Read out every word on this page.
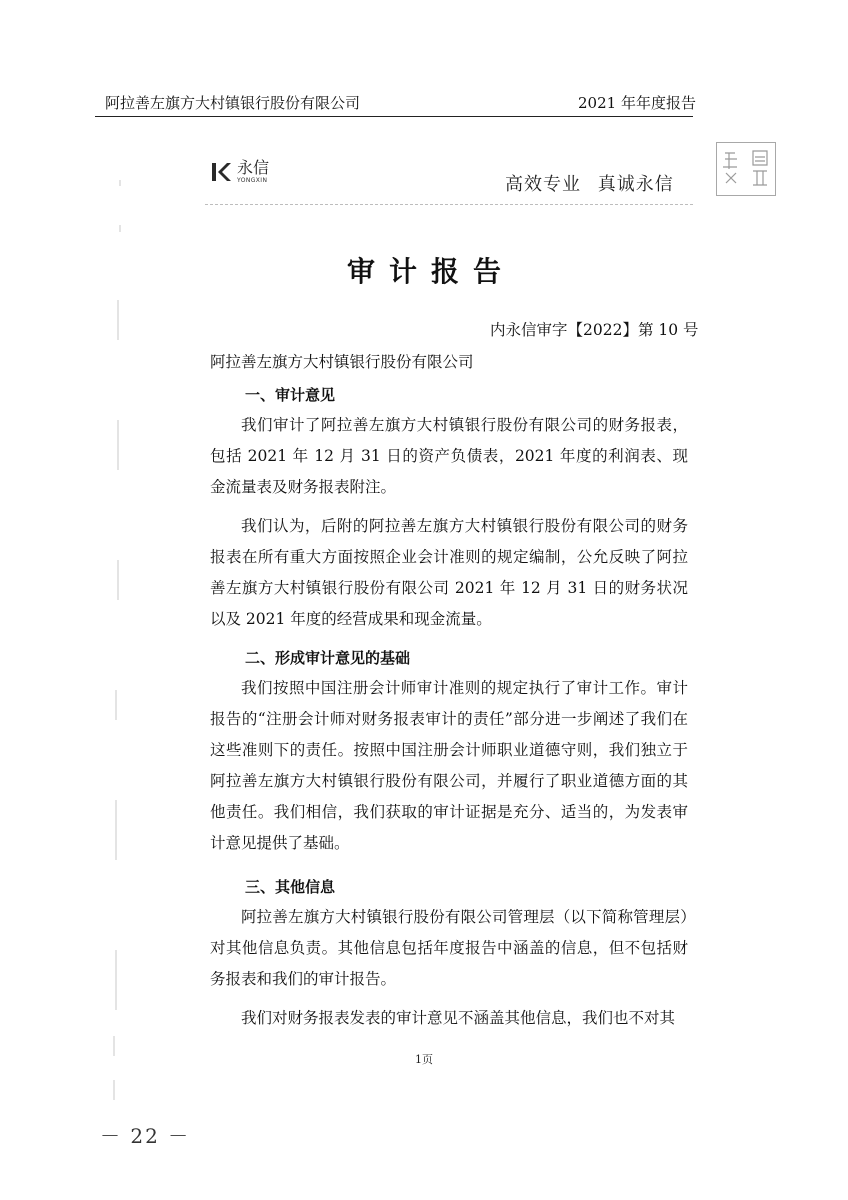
阿拉善左旗方大村镇银行股份有限公司	2021 年年度报告
永信
YONGXIN	高效专业 真诚永信
审计报告
内永信审字【2022】第 10 号
阿拉善左旗方大村镇银行股份有限公司
一、审计意见

我们审计了阿拉善左旗方大村镇银行股份有限公司的财务报表，包括 2021 年 12 月 31 日的资产负债表，2021 年度的利润表、现金流量表及财务报表附注。

我们认为，后附的阿拉善左旗方大村镇银行股份有限公司的财务报表在所有重大方面按照企业会计准则的规定编制，公允反映了阿拉善左旗方大村镇银行股份有限公司 2021 年 12 月 31 日的财务状况以及 2021 年度的经营成果和现金流量。

二、形成审计意见的基础

我们按照中国注册会计师审计准则的规定执行了审计工作。审计报告的“注册会计师对财务报表审计的责任”部分进一步阐述了我们在这些准则下的责任。按照中国注册会计师职业道德守则，我们独立于阿拉善左旗方大村镇银行股份有限公司，并履行了职业道德方面的其他责任。我们相信，我们获取的审计证据是充分、适当的，为发表审计意见提供了基础。

三、其他信息

阿拉善左旗方大村镇银行股份有限公司管理层（以下简称管理层）对其他信息负责。其他信息包括年度报告中涵盖的信息，但不包括财务报表和我们的审计报告。

我们对财务报表发表的审计意见不涵盖其他信息，我们也不对其

1页
－ 22 －
